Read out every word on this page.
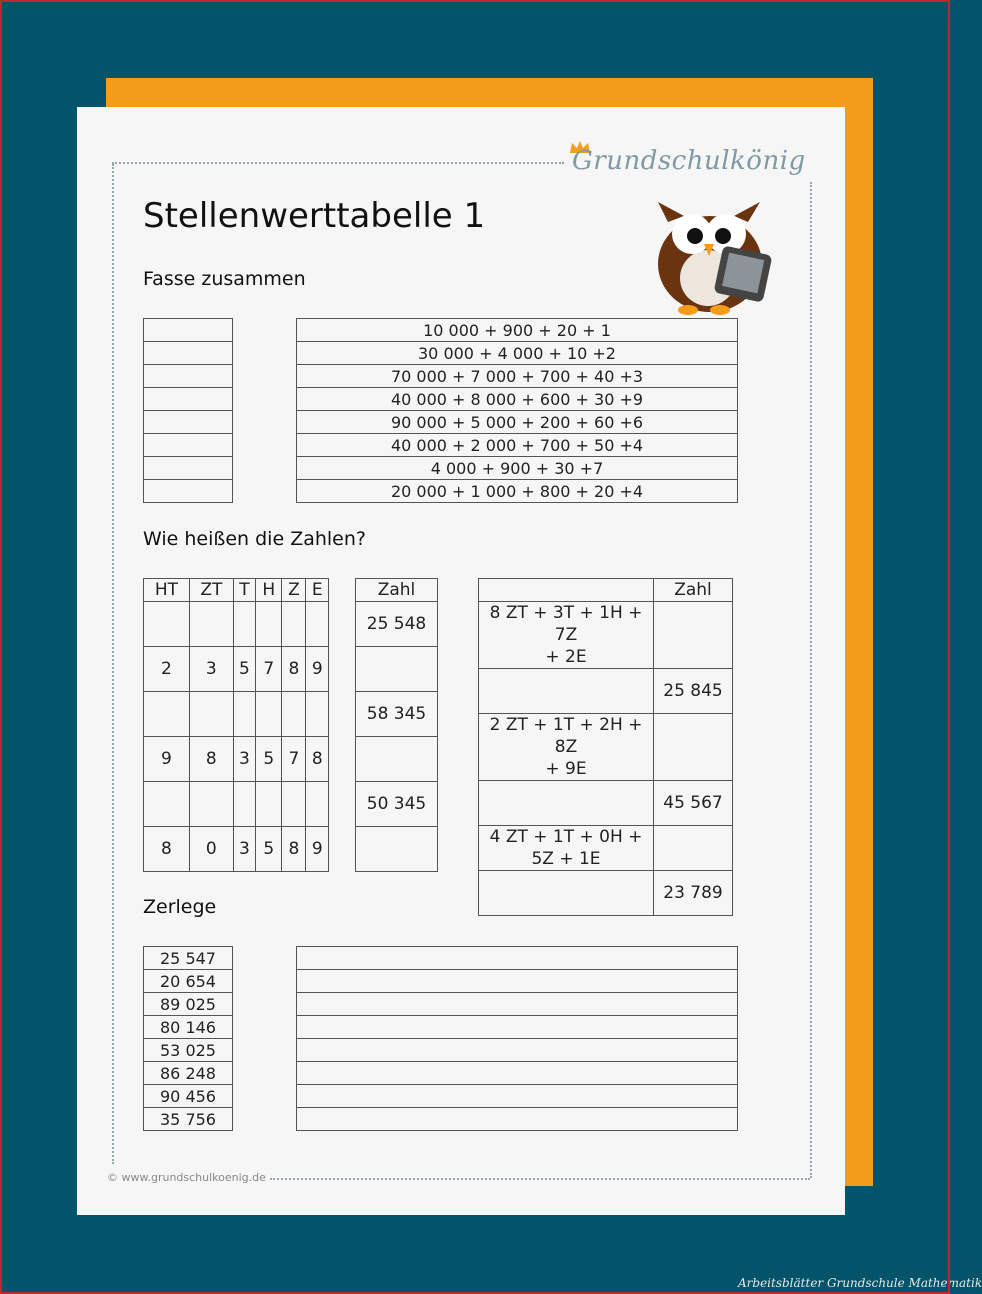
Grundschulkönig
Stellenwerttabelle 1
Fasse zusammen

10 000 + 900 + 20 + 1
30 000 + 4 000 + 10 +2
70 000 + 7 000 + 700 + 40 +3
40 000 + 8 000 + 600 + 30 +9
90 000 + 5 000 + 200 + 60 +6
40 000 + 2 000 + 700 + 50 +4
4 000 + 900 + 30 +7
20 000 + 1 000 + 800 + 20 +4
Wie heißen die Zahlen?
HT	ZT	T	H	Z	E

2	3	5	7	8	9

9	8	3	5	7	8

8	0	3	5	8	9
Zahl
25 548

58 345

50 345

	Zahl

8 ZT + 3T + 1H + 7Z
+ 2E	

	25 845

2 ZT + 1T + 2H + 8Z
+ 9E	

	45 567

4 ZT + 1T + 0H +
5Z + 1E	

	23 789
Zerlege
25 547
20 654
89 025
80 146
53 025
86 248
90 456
35 756

© www.grundschulkoenig.de
Arbeitsblätter Grundschule Mathematik
